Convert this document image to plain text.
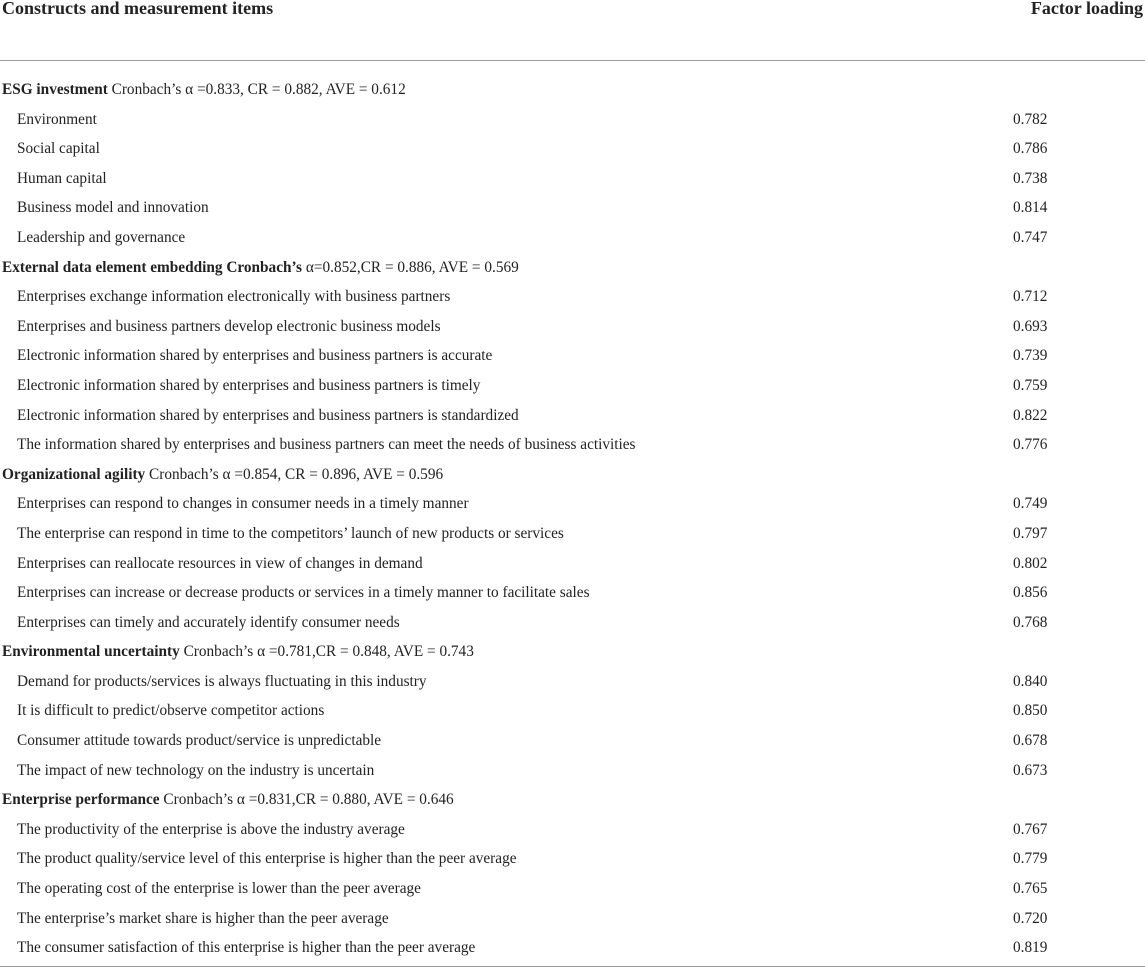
Constructs and measurement items	Factor loading
ESG investment Cronbach’s α =0.833, CR = 0.882, AVE = 0.612
Environment	0.782
Social capital	0.786
Human capital	0.738
Business model and innovation	0.814
Leadership and governance	0.747
External data element embedding Cronbach’s α=0.852,CR = 0.886, AVE = 0.569
Enterprises exchange information electronically with business partners	0.712
Enterprises and business partners develop electronic business models	0.693
Electronic information shared by enterprises and business partners is accurate	0.739
Electronic information shared by enterprises and business partners is timely	0.759
Electronic information shared by enterprises and business partners is standardized	0.822
The information shared by enterprises and business partners can meet the needs of business activities	0.776
Organizational agility Cronbach’s α =0.854, CR = 0.896, AVE = 0.596
Enterprises can respond to changes in consumer needs in a timely manner	0.749
The enterprise can respond in time to the competitors’ launch of new products or services	0.797
Enterprises can reallocate resources in view of changes in demand	0.802
Enterprises can increase or decrease products or services in a timely manner to facilitate sales	0.856
Enterprises can timely and accurately identify consumer needs	0.768
Environmental uncertainty Cronbach’s α =0.781,CR = 0.848, AVE = 0.743
Demand for products/services is always fluctuating in this industry	0.840
It is difficult to predict/observe competitor actions	0.850
Consumer attitude towards product/service is unpredictable	0.678
The impact of new technology on the industry is uncertain	0.673
Enterprise performance Cronbach’s α =0.831,CR = 0.880, AVE = 0.646
The productivity of the enterprise is above the industry average	0.767
The product quality/service level of this enterprise is higher than the peer average	0.779
The operating cost of the enterprise is lower than the peer average	0.765
The enterprise’s market share is higher than the peer average	0.720
The consumer satisfaction of this enterprise is higher than the peer average	0.819
